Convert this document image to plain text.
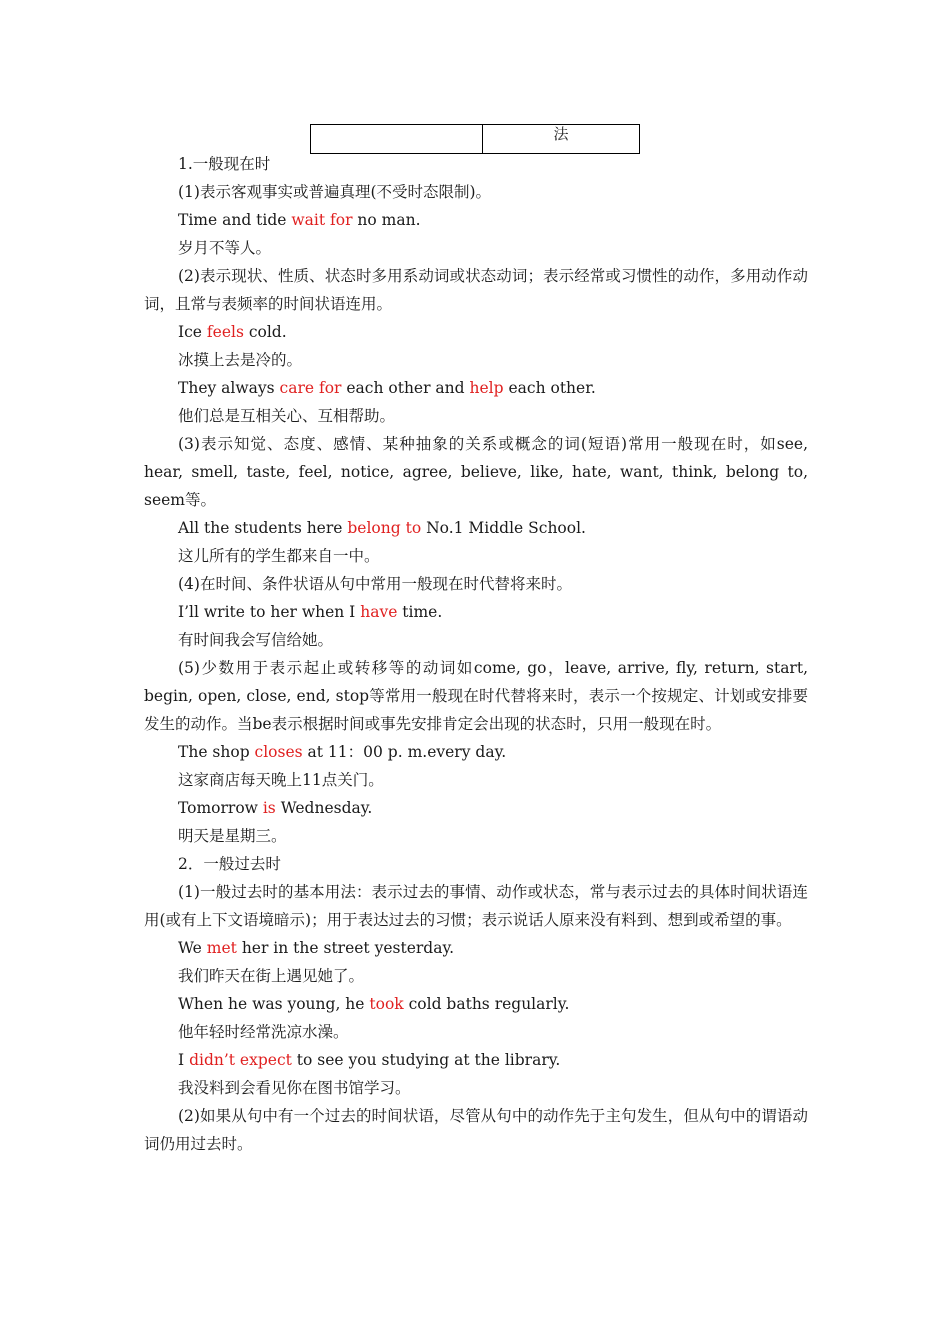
法
1.一般现在时
(1)表示客观事实或普遍真理(不受时态限制)。
Time and tide wait for no man.
岁月不等人。
(2)表示现状、性质、状态时多用系动词或状态动词；表示经常或习惯性的动作，多用动作动词，且常与表频率的时间状语连用。
Ice feels cold.
冰摸上去是冷的。
They always care for each other and help each other.
他们总是互相关心、互相帮助。
(3)表示知觉、态度、感情、某种抽象的关系或概念的词(短语)常用一般现在时，如see, hear, smell, taste, feel, notice, agree, believe, like, hate, want, think, belong to, seem等。
All the students here belong to No.1 Middle School.
这儿所有的学生都来自一中。
(4)在时间、条件状语从句中常用一般现在时代替将来时。
I’ll write to her when I have time.
有时间我会写信给她。
(5)少数用于表示起止或转移等的动词如come, go，leave, arrive, fly, return, start, begin, open, close, end, stop等常用一般现在时代替将来时，表示一个按规定、计划或安排要发生的动作。当be表示根据时间或事先安排肯定会出现的状态时，只用一般现在时。
The shop closes at 11：00 p. m.every day.
这家商店每天晚上11点关门。
Tomorrow is Wednesday.
明天是星期三。
2．一般过去时
(1)一般过去时的基本用法：表示过去的事情、动作或状态，常与表示过去的具体时间状语连用(或有上下文语境暗示)；用于表达过去的习惯；表示说话人原来没有料到、想到或希望的事。
We met her in the street yesterday.
我们昨天在街上遇见她了。
When he was young, he took cold baths regularly.
他年轻时经常洗凉水澡。
I didn’t expect to see you studying at the library.
我没料到会看见你在图书馆学习。
(2)如果从句中有一个过去的时间状语，尽管从句中的动作先于主句发生，但从句中的谓语动词仍用过去时。
